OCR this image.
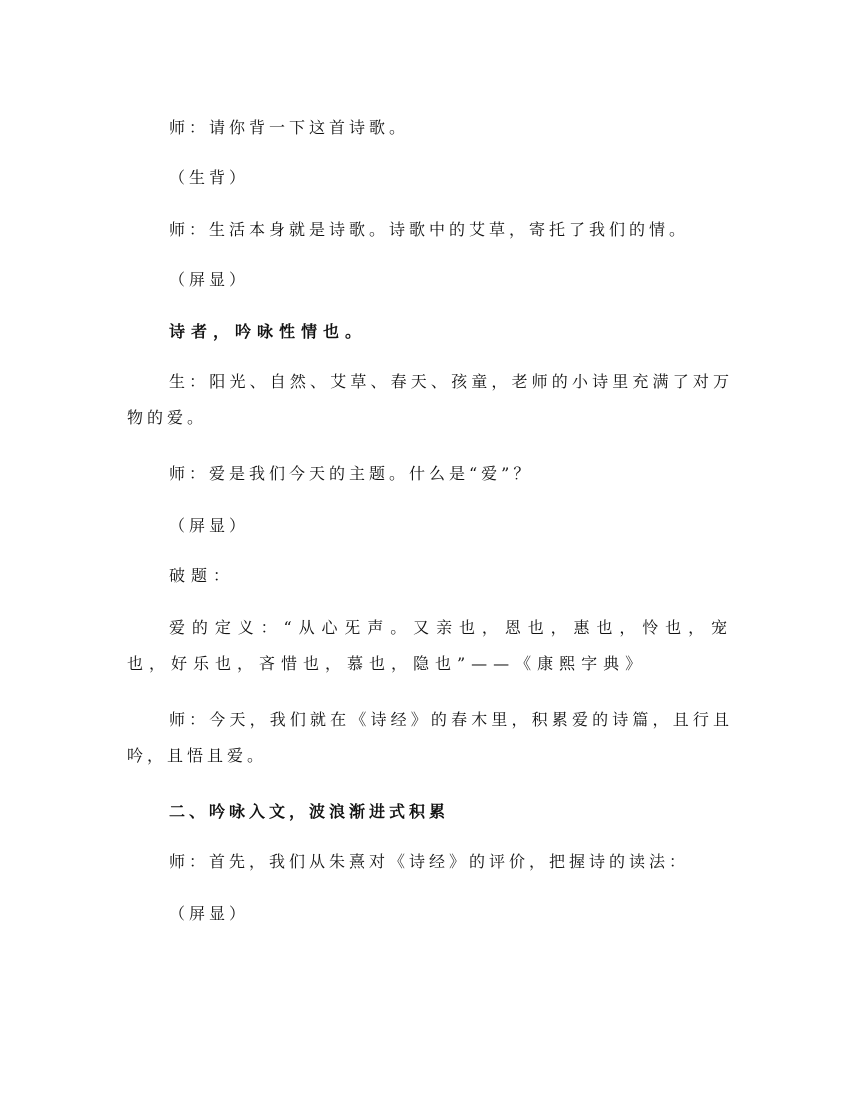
师：请你背一下这首诗歌。
（生背）
师：生活本身就是诗歌。诗歌中的艾草，寄托了我们的情。
（屏显）
诗者，吟咏性情也。
生：阳光、自然、艾草、春天、孩童，老师的小诗里充满了对万物的爱。
师：爱是我们今天的主题。什么是“爱”？
（屏显）
破题：
爱的定义：“从心旡声。又亲也，恩也，惠也，怜也，宠也，好乐也，吝惜也，慕也，隐也”——《康熙字典》
师：今天，我们就在《诗经》的春木里，积累爱的诗篇，且行且吟，且悟且爱。
二、吟咏入文，波浪渐进式积累
师：首先，我们从朱熹对《诗经》的评价，把握诗的读法：
（屏显）
